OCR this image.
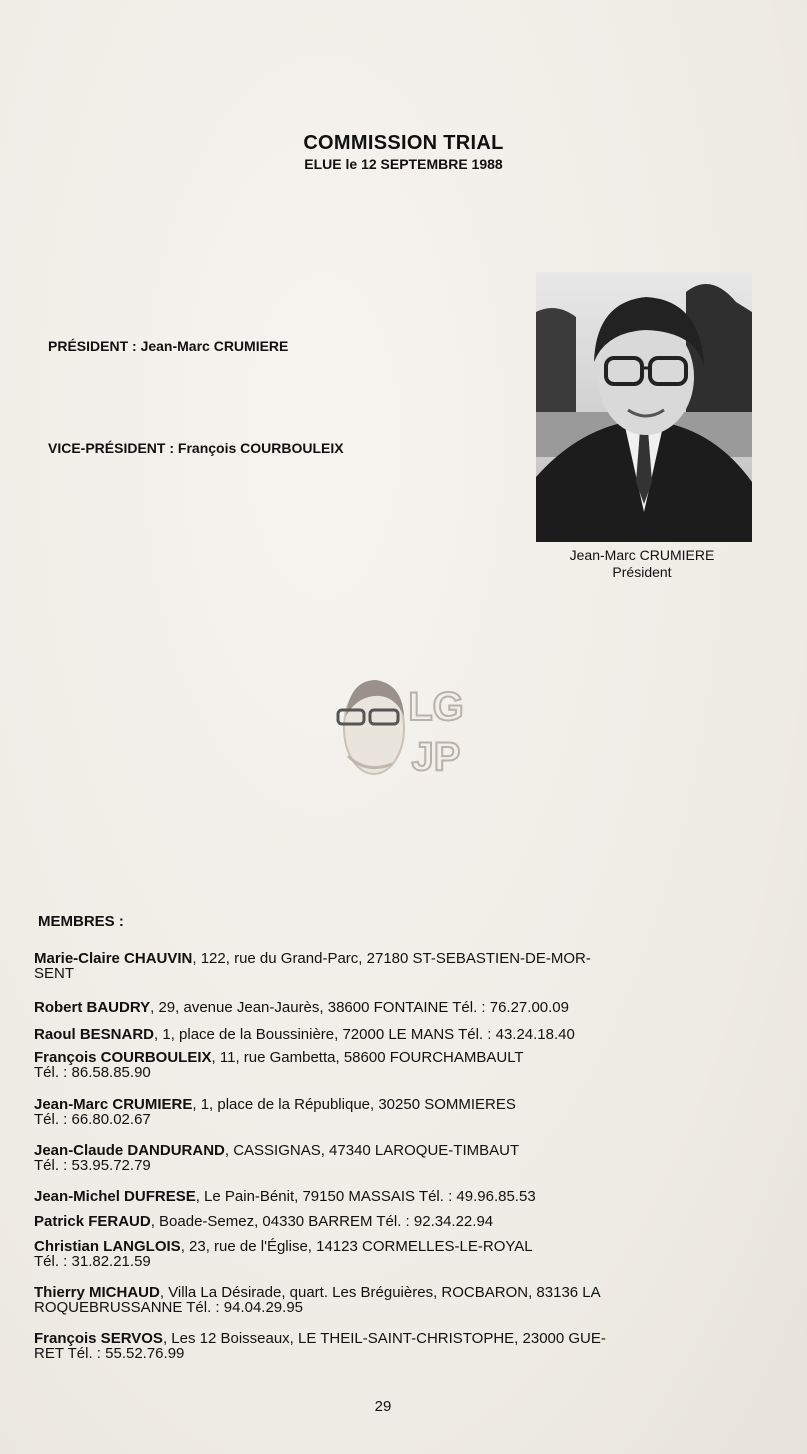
COMMISSION TRIAL
ELUE le 12 SEPTEMBRE 1988
PRÉSIDENT : Jean-Marc CRUMIERE
VICE-PRÉSIDENT : François COURBOULEIX
Jean-Marc CRUMIERE
Président
LG
JP
MEMBRES :
Marie-Claire CHAUVIN, 122, rue du Grand-Parc, 27180 ST-SEBASTIEN-DE-MOR-
SENT
Robert BAUDRY, 29, avenue Jean-Jaurès, 38600 FONTAINE Tél. : 76.27.00.09
Raoul BESNARD, 1, place de la Boussinière, 72000 LE MANS Tél. : 43.24.18.40
François COURBOULEIX, 11, rue Gambetta, 58600 FOURCHAMBAULT
Tél. : 86.58.85.90
Jean-Marc CRUMIERE, 1, place de la République, 30250 SOMMIERES
Tél. : 66.80.02.67
Jean-Claude DANDURAND, CASSIGNAS, 47340 LAROQUE-TIMBAUT
Tél. : 53.95.72.79
Jean-Michel DUFRESE, Le Pain-Bénit, 79150 MASSAIS Tél. : 49.96.85.53
Patrick FERAUD, Boade-Semez, 04330 BARREM Tél. : 92.34.22.94
Christian LANGLOIS, 23, rue de l'Église, 14123 CORMELLES-LE-ROYAL
Tél. : 31.82.21.59
Thierry MICHAUD, Villa La Désirade, quart. Les Bréguières, ROCBARON, 83136 LA
ROQUEBRUSSANNE Tél. : 94.04.29.95
François SERVOS, Les 12 Boisseaux, LE THEIL-SAINT-CHRISTOPHE, 23000 GUE-
RET Tél. : 55.52.76.99
29
